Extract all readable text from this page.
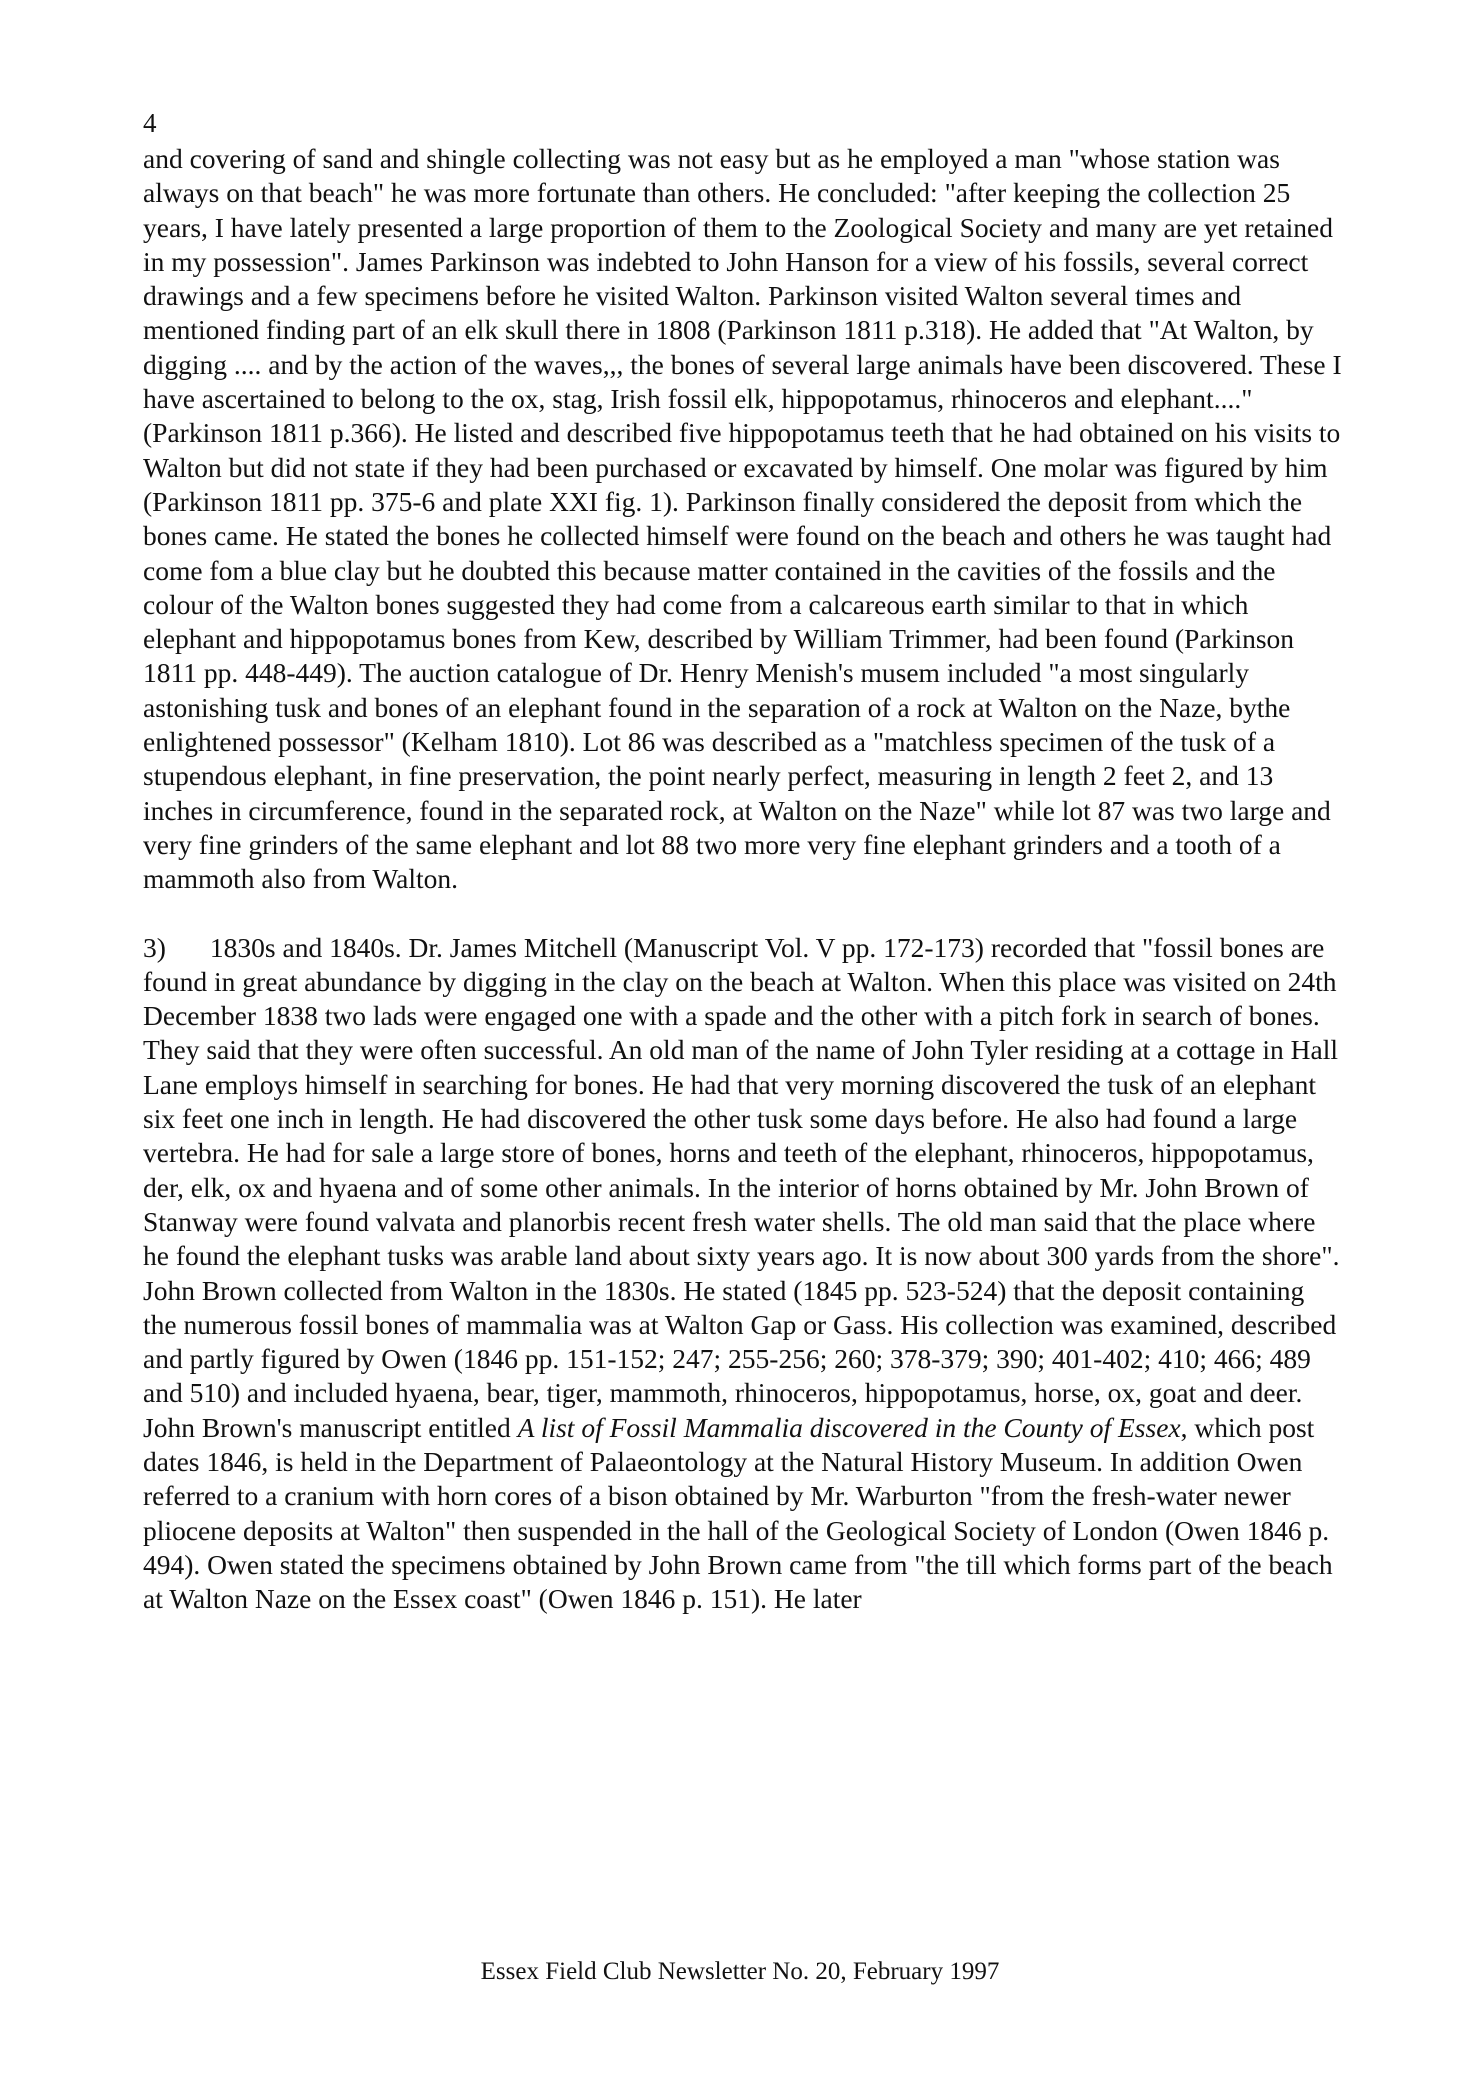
4

and covering of sand and shingle collecting was not easy but as he employed a man "whose station was always on that beach" he was more fortunate than others. He concluded: "after keeping the collection 25 years, I have lately presented a large proportion of them to the Zoological Society and many are yet retained in my possession". James Parkinson was indebted to John Hanson for a view of his fossils, several correct drawings and a few specimens before he visited Walton. Parkinson visited Walton several times and mentioned finding part of an elk skull there in 1808 (Parkinson 1811 p.318). He added that "At Walton, by digging .... and by the action of the waves,,, the bones of several large animals have been discovered. These I have ascertained to belong to the ox, stag, Irish fossil elk, hippopotamus, rhinoceros and elephant...." (Parkinson 1811 p.366). He listed and described five hippopotamus teeth that he had obtained on his visits to Walton but did not state if they had been purchased or excavated by himself. One molar was figured by him (Parkinson 1811 pp. 375-6 and plate XXI fig. 1). Parkinson finally considered the deposit from which the bones came. He stated the bones he collected himself were found on the beach and others he was taught had come fom a blue clay but he doubted this because matter contained in the cavities of the fossils and the colour of the Walton bones suggested they had come from a calcareous earth similar to that in which elephant and hippopotamus bones from Kew, described by William Trimmer, had been found (Parkinson 1811 pp. 448-449). The auction catalogue of Dr. Henry Menish's musem included "a most singularly astonishing tusk and bones of an elephant found in the separation of a rock at Walton on the Naze, bythe enlightened possessor" (Kelham 1810). Lot 86 was described as a "matchless specimen of the tusk of a stupendous elephant, in fine preservation, the point nearly perfect, measuring in length 2 feet 2, and 13 inches in circumference, found in the separated rock, at Walton on the Naze" while lot 87 was two large and very fine grinders of the same elephant and lot 88 two more very fine elephant grinders and a tooth of a mammoth also from Walton.

3) 1830s and 1840s. Dr. James Mitchell (Manuscript Vol. V pp. 172-173) recorded that "fossil bones are found in great abundance by digging in the clay on the beach at Walton. When this place was visited on 24th December 1838 two lads were engaged one with a spade and the other with a pitch fork in search of bones. They said that they were often successful. An old man of the name of John Tyler residing at a cottage in Hall Lane employs himself in searching for bones. He had that very morning discovered the tusk of an elephant six feet one inch in length. He had discovered the other tusk some days before. He also had found a large vertebra. He had for sale a large store of bones, horns and teeth of the elephant, rhinoceros, hippopotamus, der, elk, ox and hyaena and of some other animals. In the interior of horns obtained by Mr. John Brown of Stanway were found valvata and planorbis recent fresh water shells. The old man said that the place where he found the elephant tusks was arable land about sixty years ago. It is now about 300 yards from the shore". John Brown collected from Walton in the 1830s. He stated (1845 pp. 523-524) that the deposit containing the numerous fossil bones of mammalia was at Walton Gap or Gass. His collection was examined, described and partly figured by Owen (1846 pp. 151-152; 247; 255-256; 260; 378-379; 390; 401-402; 410; 466; 489 and 510) and included hyaena, bear, tiger, mammoth, rhinoceros, hippopotamus, horse, ox, goat and deer. John Brown's manuscript entitled A list of Fossil Mammalia discovered in the County of Essex, which post dates 1846, is held in the Department of Palaeontology at the Natural History Museum. In addition Owen referred to a cranium with horn cores of a bison obtained by Mr. Warburton "from the fresh-water newer pliocene deposits at Walton" then suspended in the hall of the Geological Society of London (Owen 1846 p. 494). Owen stated the specimens obtained by John Brown came from "the till which forms part of the beach at Walton Naze on the Essex coast" (Owen 1846 p. 151). He later

Essex Field Club Newsletter No. 20, February 1997
